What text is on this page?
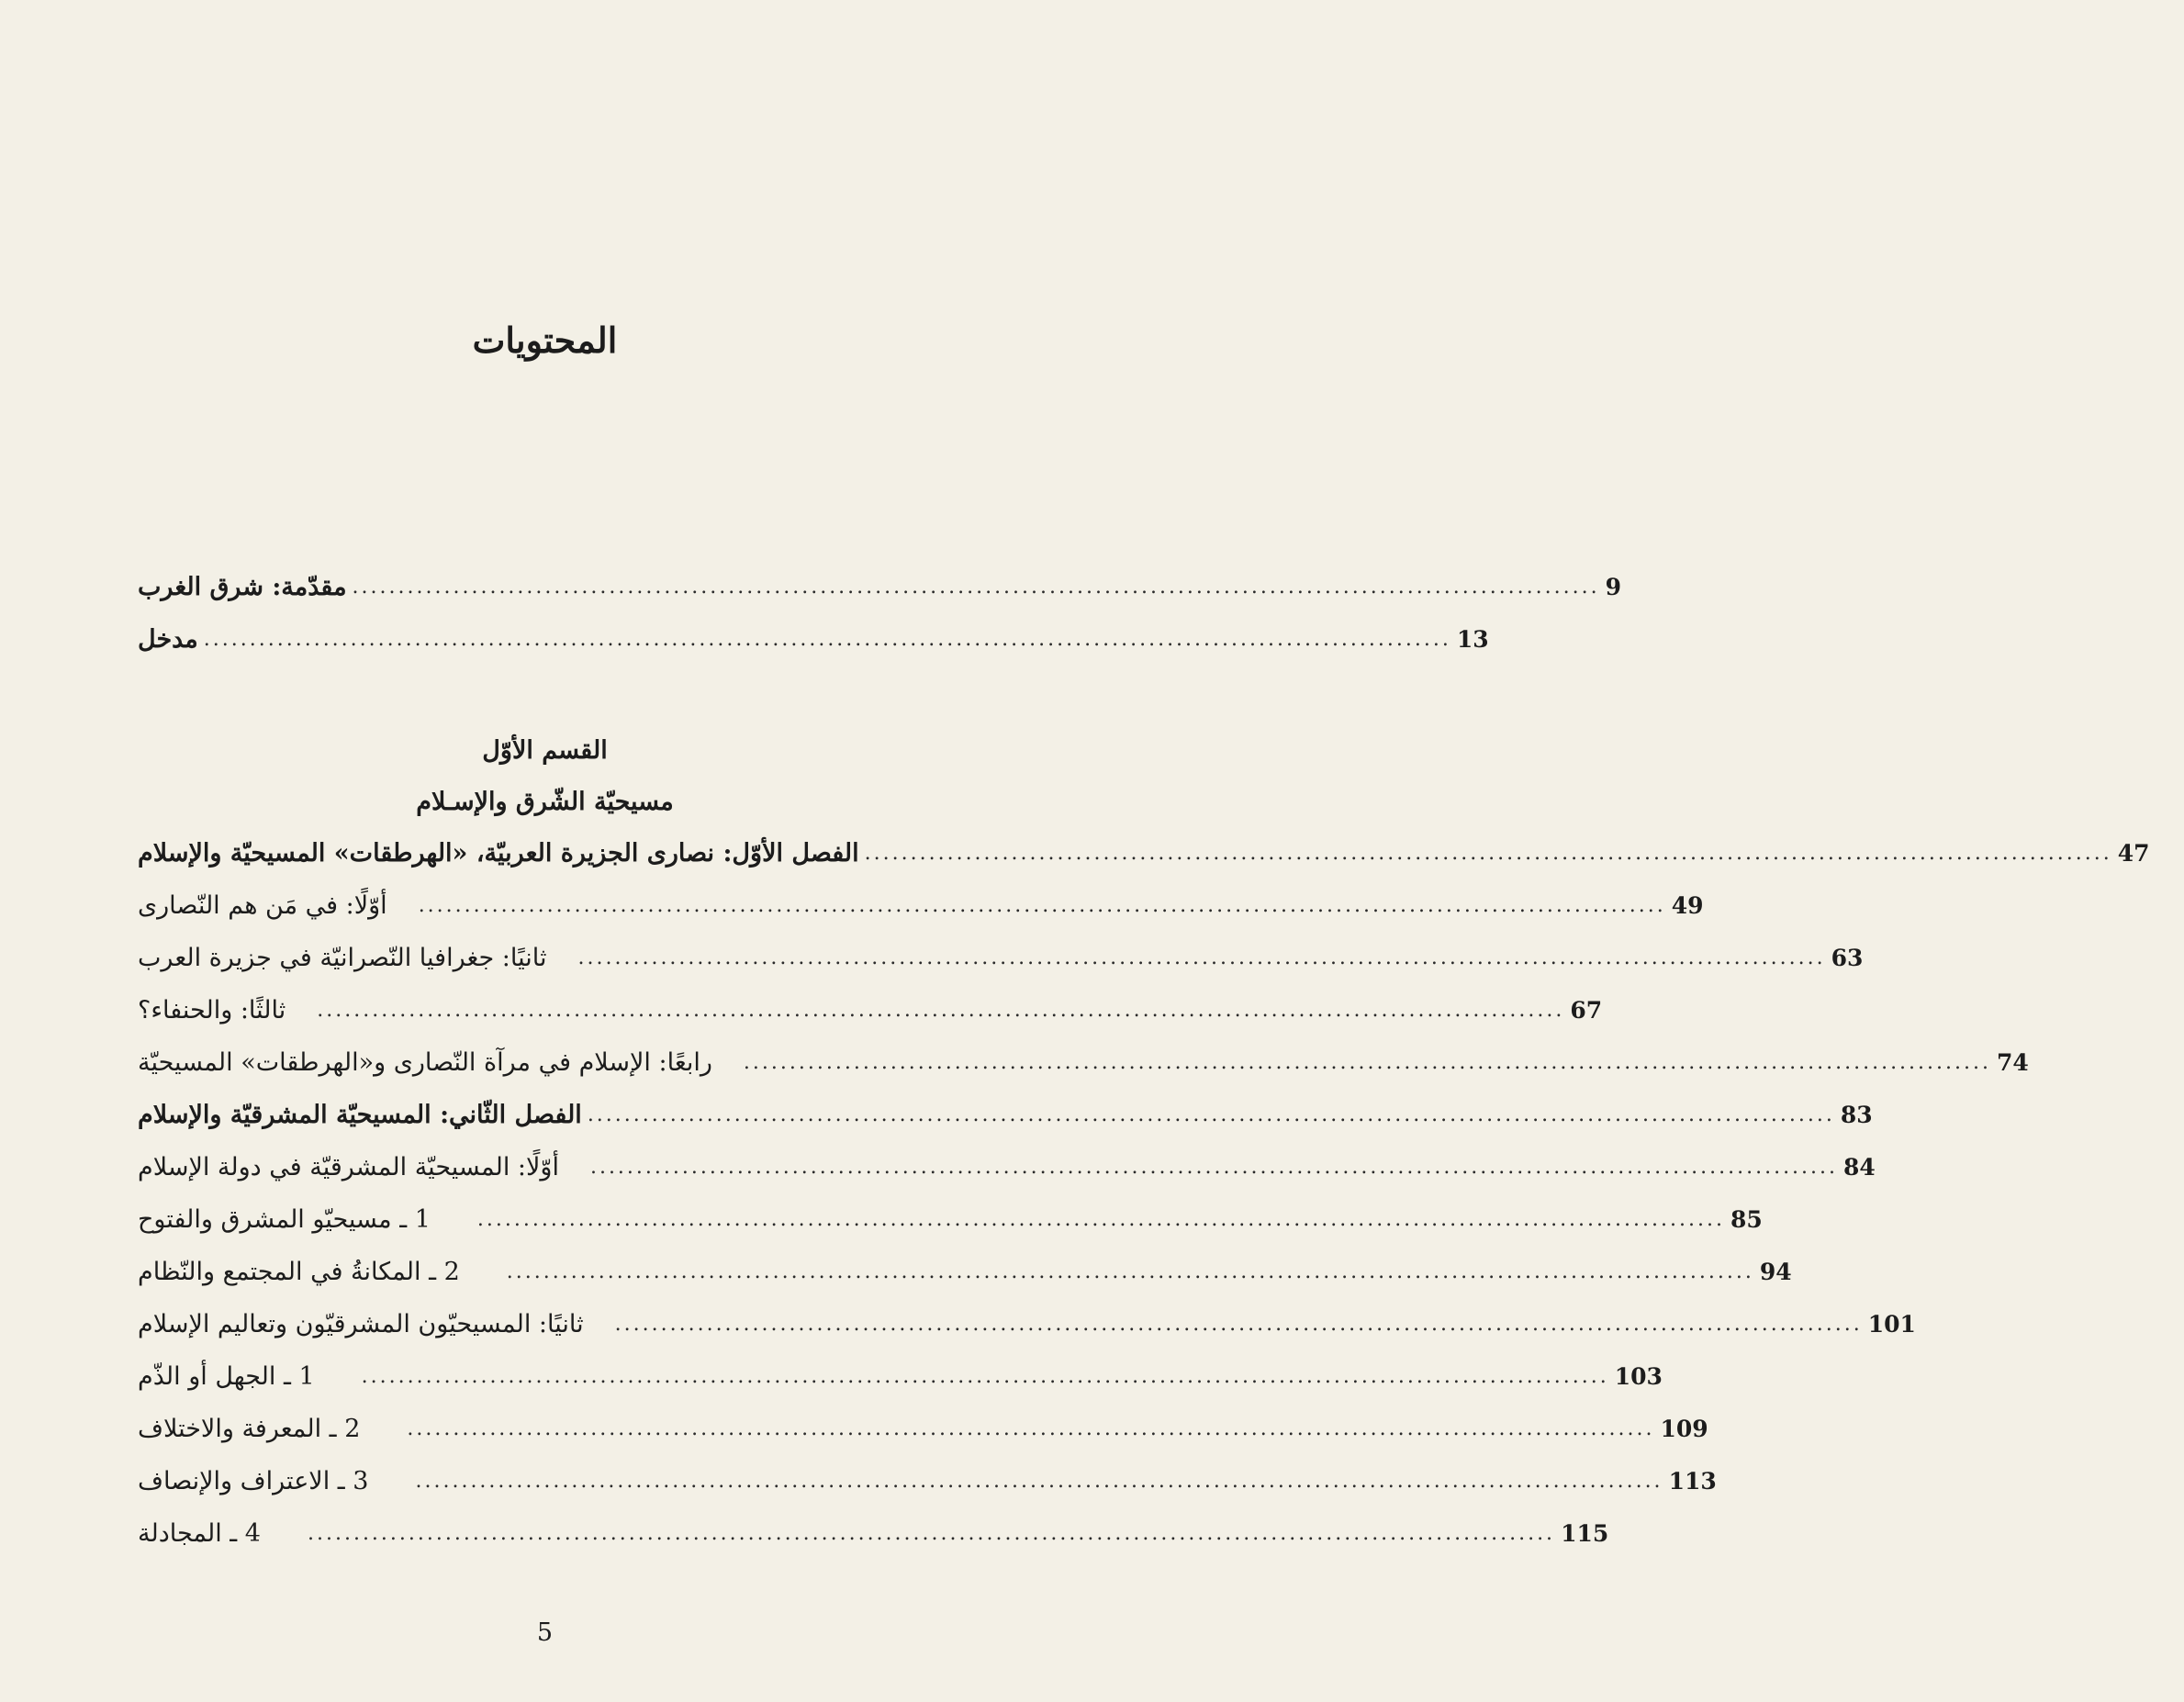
المحتويات
مقدّمة: شرق الغرب ........................................................................................................................................ 9
مدخل ........................................................................................................................................ 13
الفصل الأوّل: نصارى الجزيرة العربيّة، «الهرطقات» المسيحيّة والإسلام ........................................................................................................................................ 47
أوّلًا: في مَن هم النّصارى ........................................................................................................................................ 49
ثانيًا: جغرافيا النّصرانيّة في جزيرة العرب ........................................................................................................................................ 63
ثالثًا: والحنفاء؟ ........................................................................................................................................ 67
رابعًا: الإسلام في مرآة النّصارى و«الهرطقات» المسيحيّة ........................................................................................................................................ 74
الفصل الثّاني: المسيحيّة المشرقيّة والإسلام ........................................................................................................................................ 83
أوّلًا: المسيحيّة المشرقيّة في دولة الإسلام ........................................................................................................................................ 84
1 ـ مسيحيّو المشرق والفتوح ........................................................................................................................................ 85
2 ـ المكانةُ في المجتمع والنّظام ........................................................................................................................................ 94
ثانيًا: المسيحيّون المشرقيّون وتعاليم الإسلام ........................................................................................................................................ 101
1 ـ الجهل أو الذّم ........................................................................................................................................ 103
2 ـ المعرفة والاختلاف ........................................................................................................................................ 109
3 ـ الاعتراف والإنصاف ........................................................................................................................................ 113
4 ـ المجادلة ........................................................................................................................................ 115
القسم الأوّل
مسيحيّة الشّرق والإسـلام
5
